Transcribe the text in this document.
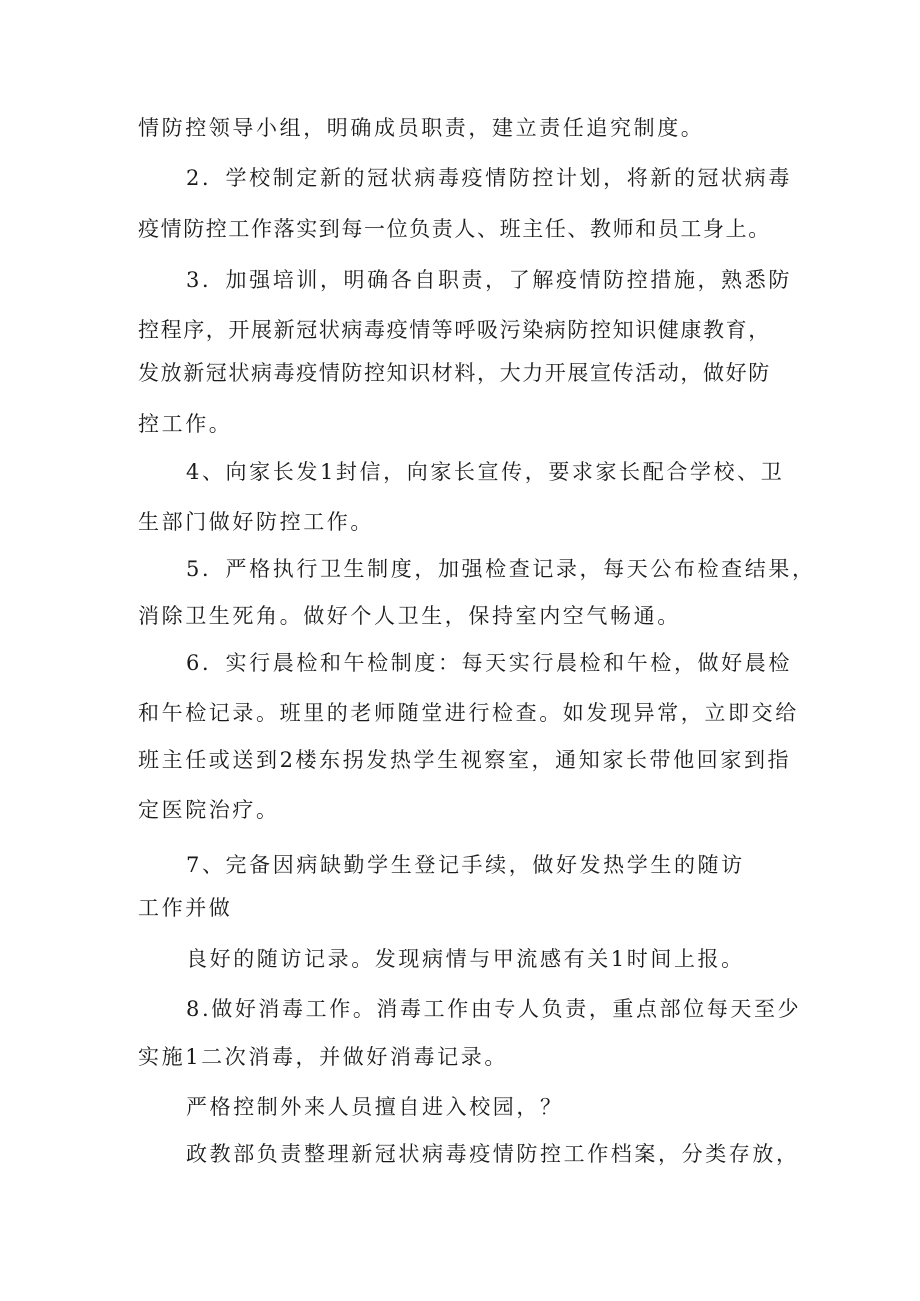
情防控领导小组，明确成员职责，建立责任追究制度。
2．学校制定新的冠状病毒疫情防控计划，将新的冠状病毒
疫情防控工作落实到每一位负责人、班主任、教师和员工身上。
3．加强培训，明确各自职责，了解疫情防控措施，熟悉防
控程序，开展新冠状病毒疫情等呼吸污染病防控知识健康教育，
发放新冠状病毒疫情防控知识材料，大力开展宣传活动，做好防
控工作。
4、向家长发1封信，向家长宣传，要求家长配合学校、卫
生部门做好防控工作。
5．严格执行卫生制度，加强检查记录，每天公布检查结果，
消除卫生死角。做好个人卫生，保持室内空气畅通。
6．实行晨检和午检制度：每天实行晨检和午检，做好晨检
和午检记录。班里的老师随堂进行检查。如发现异常，立即交给
班主任或送到2楼东拐发热学生视察室，通知家长带他回家到指
定医院治疗。
7、完备因病缺勤学生登记手续，做好发热学生的随访
工作并做
良好的随访记录。发现病情与甲流感有关1时间上报。
8.做好消毒工作。消毒工作由专人负责，重点部位每天至少
实施1二次消毒，并做好消毒记录。
严格控制外来人员擅自进入校园，？
政教部负责整理新冠状病毒疫情防控工作档案，分类存放，
